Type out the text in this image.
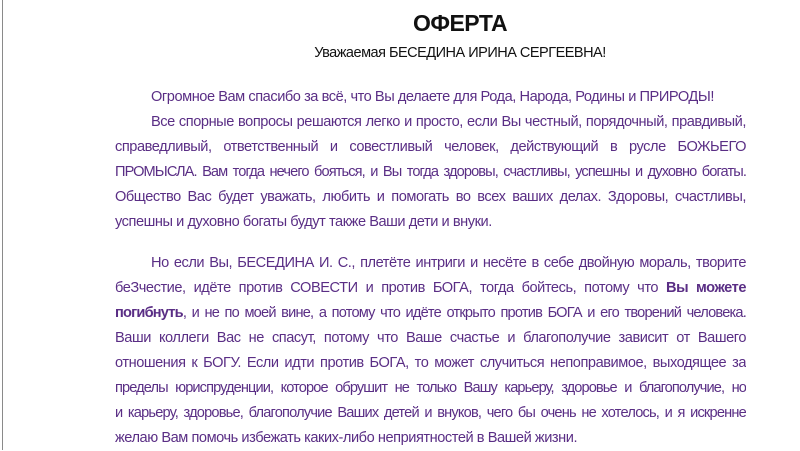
ОФЕРТА
Уважаемая БЕСЕДИНА ИРИНА СЕРГЕЕВНА!
Огромное Вам спасибо за всё, что Вы делаете для Рода, Народа, Родины и ПРИРОДЫ!
Все спорные вопросы решаются легко и просто, если Вы честный, порядочный, правдивый,
справедливый, ответственный и совестливый человек, действующий в русле БОЖЬЕГО
ПРОМЫСЛА. Вам тогда нечего бояться, и Вы тогда здоровы, счастливы, успешны и духовно богаты.
Общество Вас будет уважать, любить и помогать во всех ваших делах. Здоровы, счастливы,
успешны и духовно богаты будут также Ваши дети и внуки.
Но если Вы, БЕСЕДИНА И. С., плетёте интриги и несёте в себе двойную мораль, творите
беЗчестие, идёте против СОВЕСТИ и против БОГА, тогда бойтесь, потому что Вы можете
погибнуть, и не по моей вине, а потому что идёте открыто против БОГА и его творений человека.
Ваши коллеги Вас не спасут, потому что Ваше счастье и благополучие зависит от Вашего
отношения к БОГУ. Если идти против БОГА, то может случиться непоправимое, выходящее за
пределы юриспруденции, которое обрушит не только Вашу карьеру, здоровье и благополучие, но
и карьеру, здоровье, благополучие Ваших детей и внуков, чего бы очень не хотелось, и я искренне
желаю Вам помочь избежать каких-либо неприятностей в Вашей жизни.
